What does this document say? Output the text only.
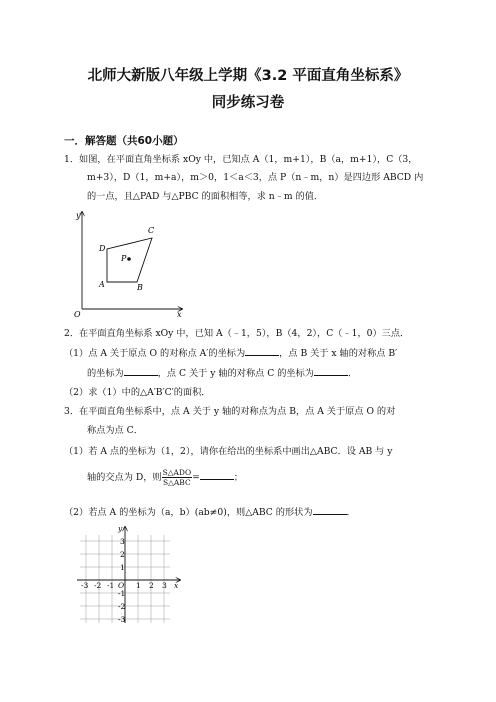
北师大新版八年级上学期《3.2 平面直角坐标系》
同步练习卷
一．解答题（共60小题）
1．如图，在平面直角坐标系 xOy 中，已知点 A（1，m+1），B（a，m+1），C（3，
m+3），D（1，m+a），m＞0，1＜a＜3，点 P（n﹣m，n）是四边形 ABCD 内
的一点，且△PAD 与△PBC 的面积相等，求 n﹣m 的值．
y
x
O
A	B
C
D
P
2．在平面直角坐标系 xOy 中，已知 A（﹣1，5），B（4，2），C（﹣1，0）三点．
（1）点 A 关于原点 O 的对称点 A′的坐标为	，点 B 关于 x 轴的对称点 B′
的坐标为	，点 C 关于 y 轴的对称点 C 的坐标为	．
（2）求（1）中的△A′B′C′的面积．
3．在平面直角坐标系中，点 A 关于 y 轴的对称点为点 B，点 A 关于原点 O 的对
称点为点 C．
（1）若 A 点的坐标为（1，2），请你在给出的坐标系中画出△ABC．设 AB 与 y
轴的交点为 D，则 $\frac{\text{S△ADO}}{\text{S△ABC}}$ =	；
（2）若点 A 的坐标为（a，b）(ab≠0)，则△ABC 的形状为	．
-3 -2 -1	1 2 3
3
2
1
-1
-2
-3
x
y
O
